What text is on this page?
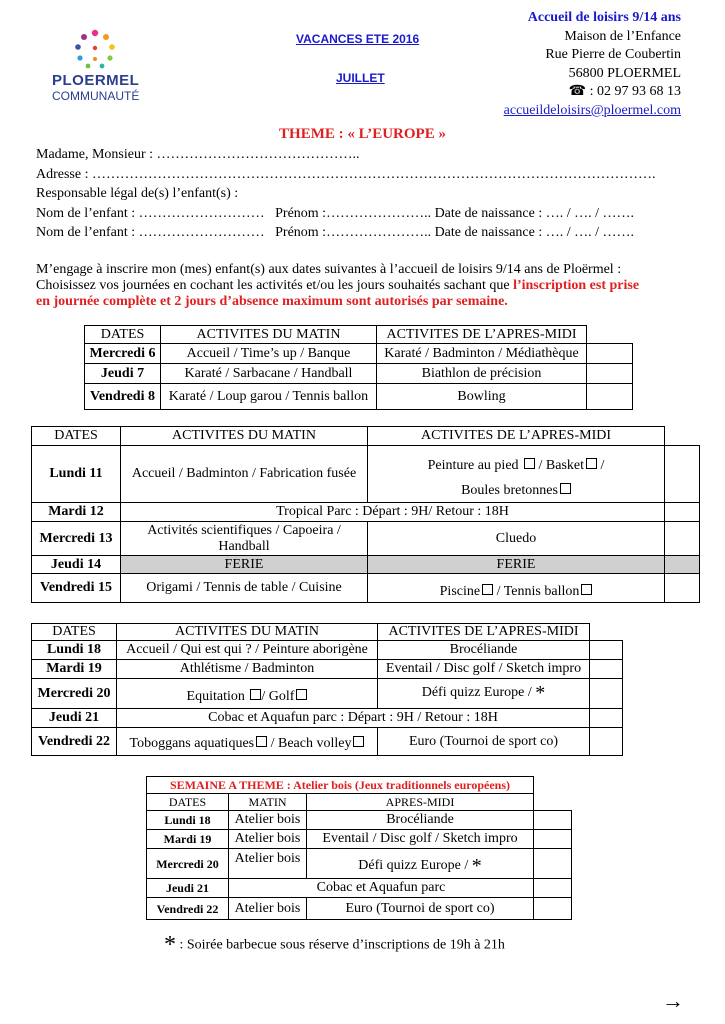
PLOERMEL
COMMUNAUTÉ
VACANCES ETE 2016
JUILLET
Accueil de loisirs 9/14 ans
Maison de l’Enfance
Rue Pierre de Coubertin
56800 PLOERMEL
☎ : 02 97 93 68 13
accueildeloisirs@ploermel.com
THEME : « L’EUROPE »
Madame, Monsieur : ……………………………………..
Adresse : ………………………………………………………………………………………………………….
Responsable légal de(s) l’enfant(s) :
Nom de l’enfant : ………………………   Prénom :………………….. Date de naissance : …. / …. / …….
Nom de l’enfant : ………………………   Prénom :………………….. Date de naissance : …. / …. / …….
M’engage à inscrire mon (mes) enfant(s) aux dates suivantes à l’accueil de loisirs 9/14 ans de Ploërmel :
Choisissez vos journées en cochant les activités et/ou les jours souhaités sachant que l’inscription est prise
en journée complète et 2 jours d’absence maximum sont autorisés par semaine.
DATES	ACTIVITES DU MATIN	ACTIVITES DE L’APRES-MIDI	
Mercredi 6	Accueil / Time’s up / Banque	Karaté / Badminton / Médiathèque	
Jeudi 7	Karaté / Sarbacane / Handball	Biathlon de précision	
Vendredi 8	Karaté / Loup garou / Tennis ballon	Bowling	
DATES	ACTIVITES DU MATIN	ACTIVITES DE L’APRES-MIDI	
Lundi 11	Accueil / Badminton / Fabrication fusée	Peinture au pied / Basket /
Boules bretonnes	

Mardi 12	Tropical Parc : Départ : 9H/ Retour : 18H		
Mercredi 13	Activités scientifiques / Capoeira / Handball	Cluedo	
Jeudi 14	FERIE	FERIE	
Vendredi 15	Origami / Tennis de table / Cuisine	Piscine / Tennis ballon	
DATES	ACTIVITES DU MATIN	ACTIVITES DE L’APRES-MIDI	
Lundi 18	Accueil / Qui est qui ? / Peinture aborigène	Brocéliande	
Mardi 19	Athlétisme / Badminton	Eventail / Disc golf / Sketch impro	
Mercredi 20	Equitation / Golf	Défi quizz Europe / *	
Jeudi 21	Cobac et Aquafun parc : Départ : 9H / Retour : 18H		
Vendredi 22	Toboggans aquatiques / Beach volley	Euro (Tournoi de sport co)	
SEMAINE A THEME : Atelier bois (Jeux traditionnels européens)			
DATES	MATIN	APRES-MIDI	
Lundi 18	Atelier bois	Brocéliande	
Mardi 19	Atelier bois	Eventail / Disc golf / Sketch impro	
Mercredi 20	Atelier bois	Défi quizz Europe / *	
Jeudi 21	Cobac et Aquafun parc		
Vendredi 22	Atelier bois	Euro (Tournoi de sport co)	
* : Soirée barbecue sous réserve d’inscriptions de 19h à 21h
→
